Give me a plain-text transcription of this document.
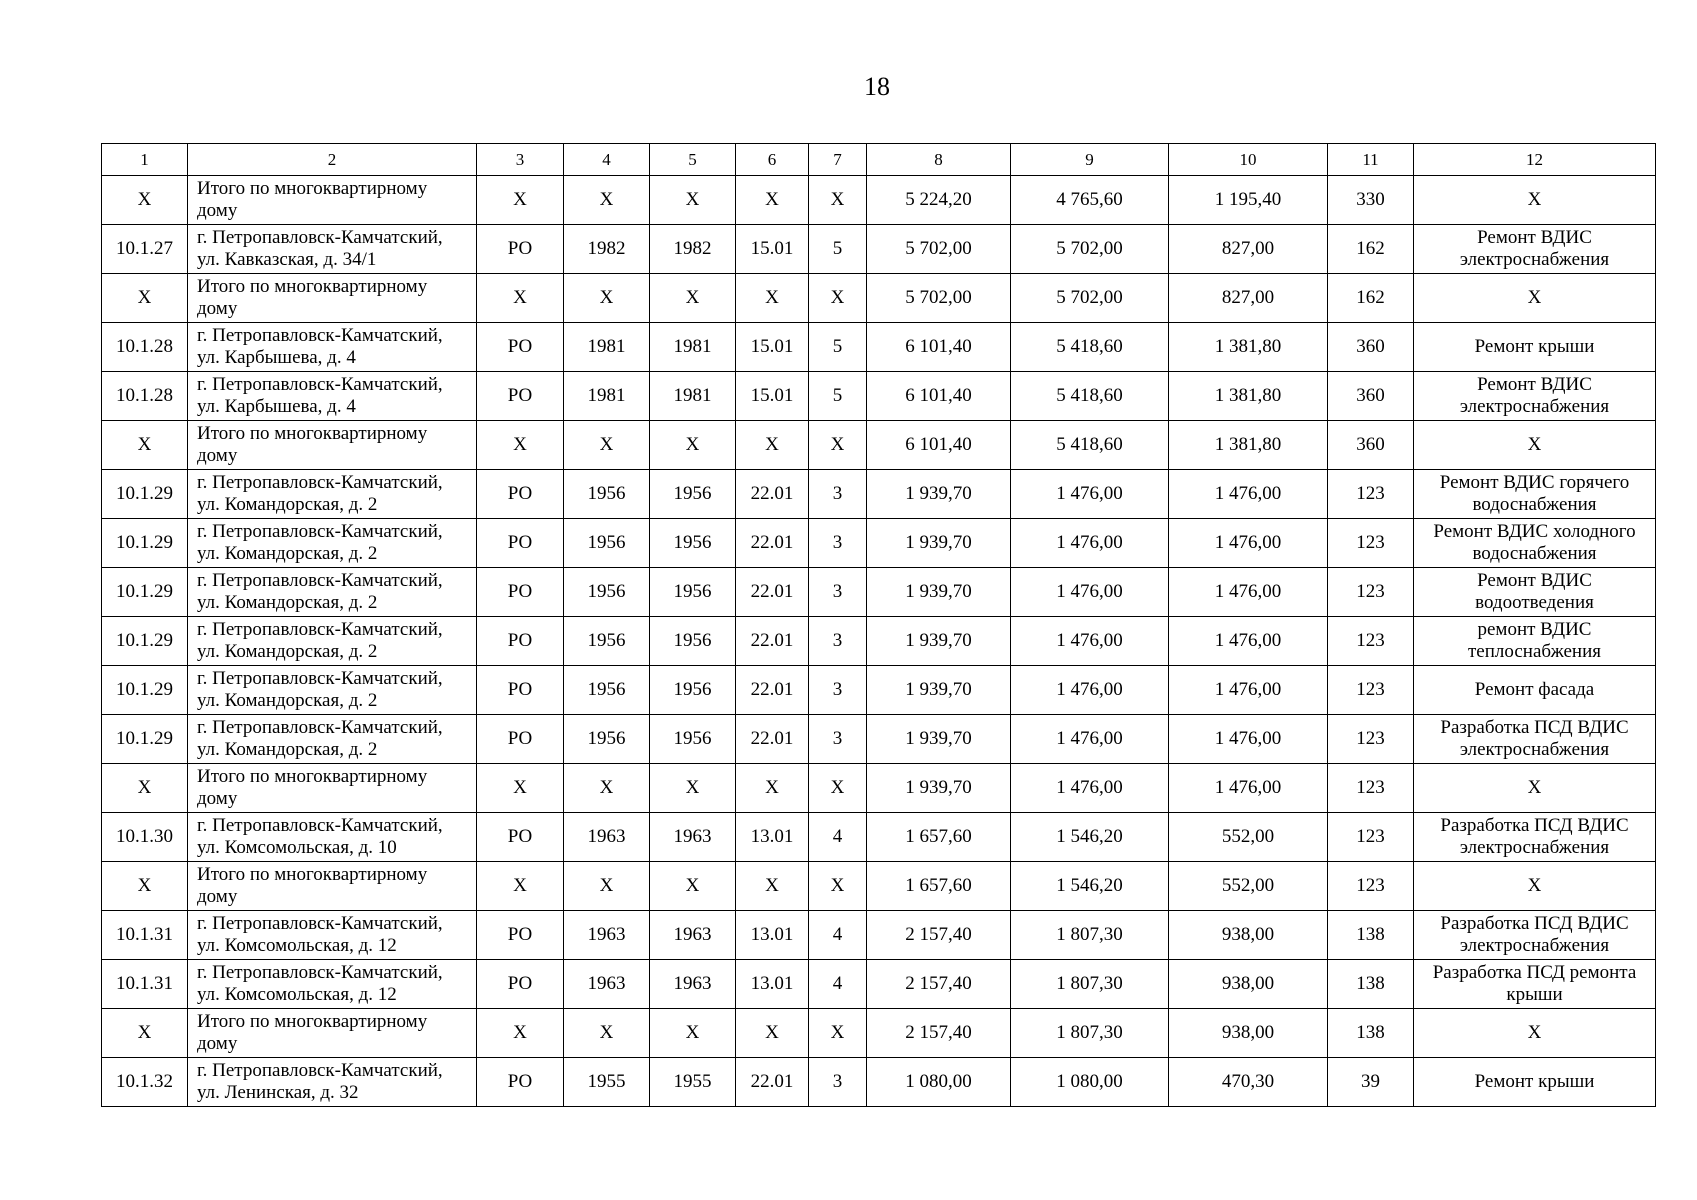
18
1	2	3	4	5	6	7	8	9	10	11	12
X	Итого по многоквартирному дому	X	X	X	X	X	5 224,20	4 765,60	1 195,40	330	X
10.1.27	г. Петропавловск-Камчатский, ул. Кавказская, д. 34/1	РО	1982	1982	15.01	5	5 702,00	5 702,00	827,00	162	Ремонт ВДИС электроснабжения
X	Итого по многоквартирному дому	X	X	X	X	X	5 702,00	5 702,00	827,00	162	X
10.1.28	г. Петропавловск-Камчатский, ул. Карбышева, д. 4	РО	1981	1981	15.01	5	6 101,40	5 418,60	1 381,80	360	Ремонт крыши
10.1.28	г. Петропавловск-Камчатский, ул. Карбышева, д. 4	РО	1981	1981	15.01	5	6 101,40	5 418,60	1 381,80	360	Ремонт ВДИС электроснабжения
X	Итого по многоквартирному дому	X	X	X	X	X	6 101,40	5 418,60	1 381,80	360	X
10.1.29	г. Петропавловск-Камчатский, ул. Командорская, д. 2	РО	1956	1956	22.01	3	1 939,70	1 476,00	1 476,00	123	Ремонт ВДИС горячего водоснабжения
10.1.29	г. Петропавловск-Камчатский, ул. Командорская, д. 2	РО	1956	1956	22.01	3	1 939,70	1 476,00	1 476,00	123	Ремонт ВДИС холодного водоснабжения
10.1.29	г. Петропавловск-Камчатский, ул. Командорская, д. 2	РО	1956	1956	22.01	3	1 939,70	1 476,00	1 476,00	123	Ремонт ВДИС водоотведения
10.1.29	г. Петропавловск-Камчатский, ул. Командорская, д. 2	РО	1956	1956	22.01	3	1 939,70	1 476,00	1 476,00	123	ремонт ВДИС теплоснабжения
10.1.29	г. Петропавловск-Камчатский, ул. Командорская, д. 2	РО	1956	1956	22.01	3	1 939,70	1 476,00	1 476,00	123	Ремонт фасада
10.1.29	г. Петропавловск-Камчатский, ул. Командорская, д. 2	РО	1956	1956	22.01	3	1 939,70	1 476,00	1 476,00	123	Разработка ПСД ВДИС электроснабжения
X	Итого по многоквартирному дому	X	X	X	X	X	1 939,70	1 476,00	1 476,00	123	X
10.1.30	г. Петропавловск-Камчатский, ул. Комсомольская, д. 10	РО	1963	1963	13.01	4	1 657,60	1 546,20	552,00	123	Разработка ПСД ВДИС электроснабжения
X	Итого по многоквартирному дому	X	X	X	X	X	1 657,60	1 546,20	552,00	123	X
10.1.31	г. Петропавловск-Камчатский, ул. Комсомольская, д. 12	РО	1963	1963	13.01	4	2 157,40	1 807,30	938,00	138	Разработка ПСД ВДИС электроснабжения
10.1.31	г. Петропавловск-Камчатский, ул. Комсомольская, д. 12	РО	1963	1963	13.01	4	2 157,40	1 807,30	938,00	138	Разработка ПСД ремонта крыши
X	Итого по многоквартирному дому	X	X	X	X	X	2 157,40	1 807,30	938,00	138	X
10.1.32	г. Петропавловск-Камчатский, ул. Ленинская, д. 32	РО	1955	1955	22.01	3	1 080,00	1 080,00	470,30	39	Ремонт крыши
